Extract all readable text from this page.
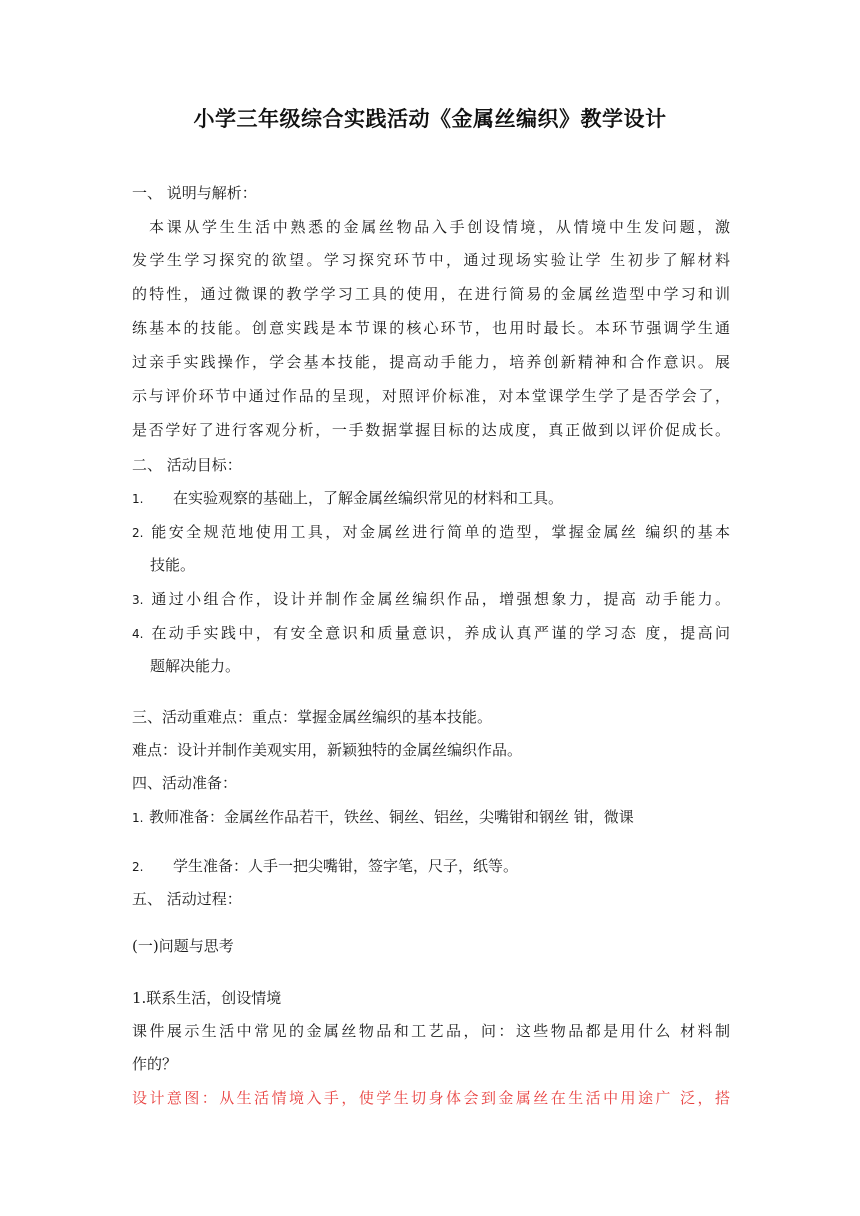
小学三年级综合实践活动《金属丝编织》教学设计
一、 说明与解析：
本课从学生生活中熟悉的金属丝物品入手创设情境，从情境中生发问题，激
发学生学习探究的欲望。学习探究环节中，通过现场实验让学 生初步了解材料
的特性，通过微课的教学学习工具的使用，在进行简易的金属丝造型中学习和训
练基本的技能。创意实践是本节课的核心环节，也用时最长。本环节强调学生通
过亲手实践操作，学会基本技能，提高动手能力，培养创新精神和合作意识。展
示与评价环节中通过作品的呈现，对照评价标准，对本堂课学生学了是否学会了，
是否学好了进行客观分析，一手数据掌握目标的达成度，真正做到以评价促成长。
二、 活动目标：
1. 在实验观察的基础上，了解金属丝编织常见的材料和工具。
2. 能安全规范地使用工具，对金属丝进行简单的造型，掌握金属丝 编织的基本
技能。
3. 通过小组合作，设计并制作金属丝编织作品，增强想象力，提高 动手能力。
4. 在动手实践中，有安全意识和质量意识，养成认真严谨的学习态 度，提高问
题解决能力。
三、活动重难点：重点：掌握金属丝编织的基本技能。
难点：设计并制作美观实用，新颖独特的金属丝编织作品。
四、活动准备：
1. 教师准备：金属丝作品若干，铁丝、铜丝、铝丝，尖嘴钳和钢丝 钳，微课
2. 学生准备：人手一把尖嘴钳，签字笔，尺子，纸等。
五、 活动过程：
(一)问题与思考
1.联系生活，创设情境
课件展示生活中常见的金属丝物品和工艺品，问：这些物品都是用什么 材料制
作的？
设计意图：从生活情境入手，使学生切身体会到金属丝在生活中用途广 泛，搭
